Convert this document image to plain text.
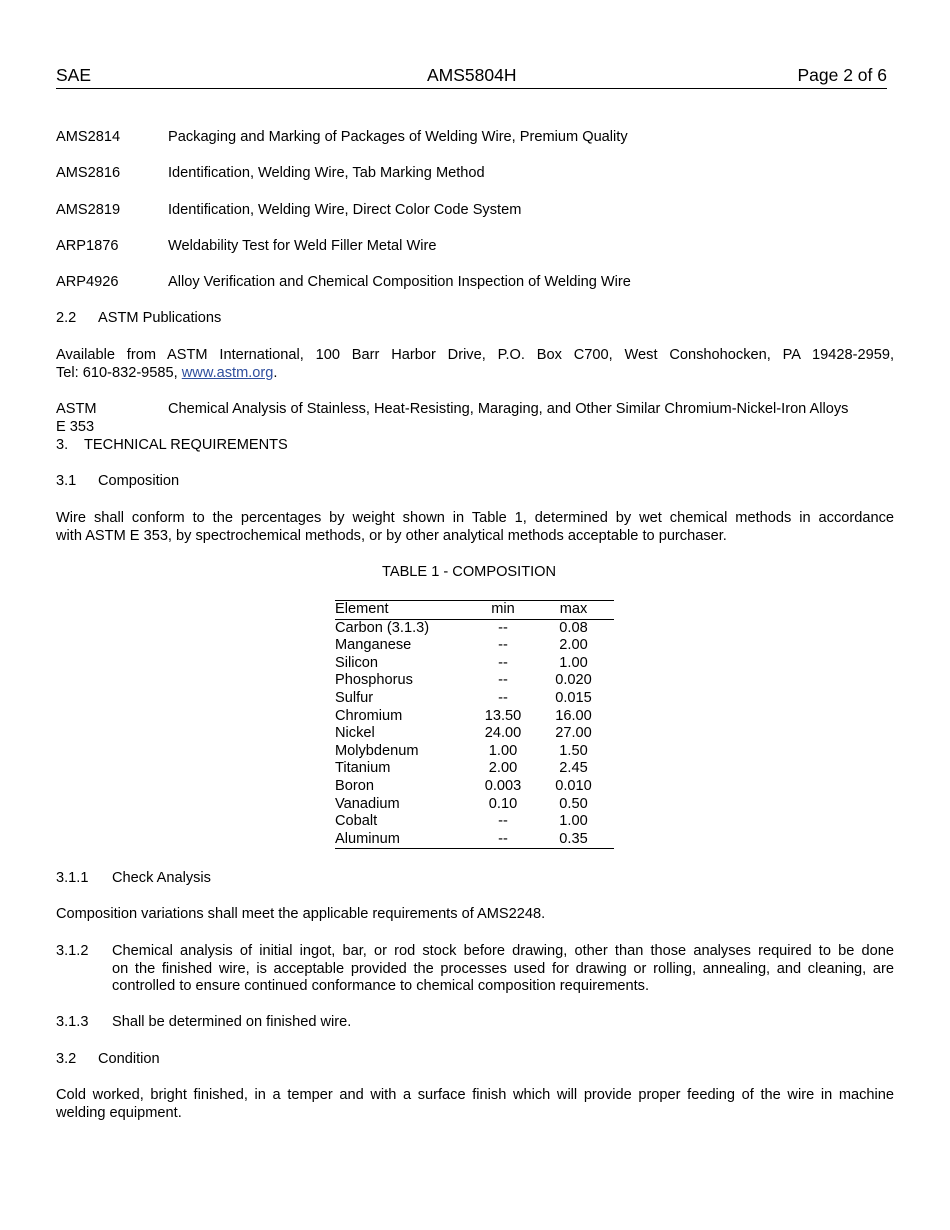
SAE	AMS5804H	Page 2 of 6
AMS2814	Packaging and Marking of Packages of Welding Wire, Premium Quality
AMS2816	Identification, Welding Wire, Tab Marking Method
AMS2819	Identification, Welding Wire, Direct Color Code System
ARP1876	Weldability Test for Weld Filler Metal Wire
ARP4926	Alloy Verification and Chemical Composition Inspection of Welding Wire
2.2 ASTM Publications
Available from ASTM International, 100 Barr Harbor Drive, P.O. Box C700, West Conshohocken, PA 19428-2959,
Tel: 610-832-9585, www.astm.org.
ASTM E 353
Chemical Analysis of Stainless, Heat-Resisting, Maraging, and Other Similar Chromium-Nickel-Iron Alloys
3. TECHNICAL REQUIREMENTS
3.1 Composition
Wire shall conform to the percentages by weight shown in Table 1, determined by wet chemical methods in accordance
with ASTM E 353, by spectrochemical methods, or by other analytical methods acceptable to purchaser.
TABLE 1 - COMPOSITION
Element	min	max
Carbon (3.1.3)	--	0.08
Manganese	--	2.00
Silicon	--	1.00
Phosphorus	--	0.020
Sulfur	--	0.015
Chromium	13.50	16.00
Nickel	24.00	27.00
Molybdenum	1.00	1.50
Titanium	2.00	2.45
Boron	0.003	0.010
Vanadium	0.10	0.50
Cobalt	--	1.00
Aluminum	--	0.35
3.1.1 Check Analysis
Composition variations shall meet the applicable requirements of AMS2248.
3.1.2 Chemical analysis of initial ingot, bar, or rod stock before drawing, other than those analyses required to be done
on the finished wire, is acceptable provided the processes used for drawing or rolling, annealing, and cleaning, are
controlled to ensure continued conformance to chemical composition requirements.
3.1.3 Shall be determined on finished wire.
3.2 Condition
Cold worked, bright finished, in a temper and with a surface finish which will provide proper feeding of the wire in machine
welding equipment.
